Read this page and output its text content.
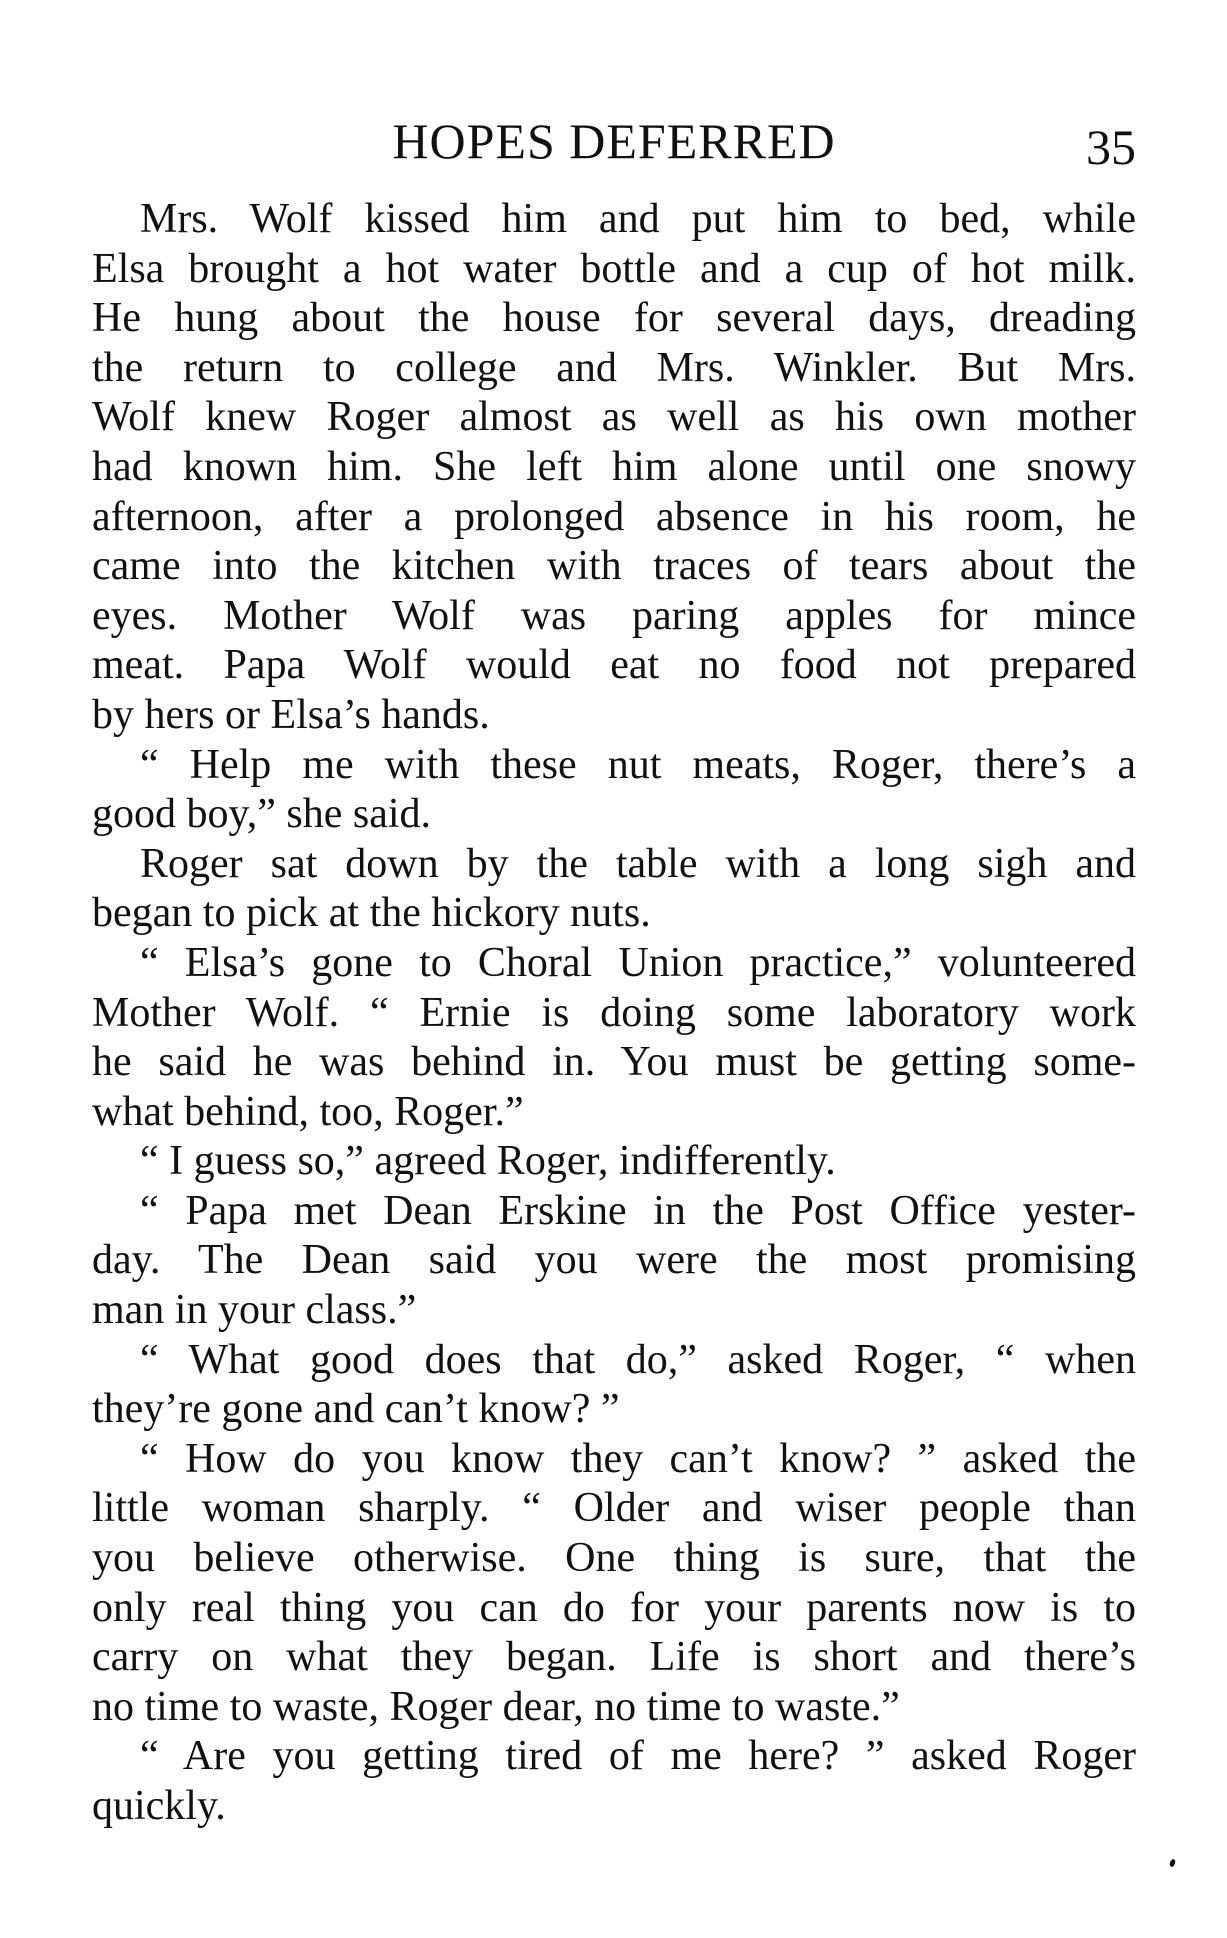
HOPES DEFERRED	35
Mrs. Wolf kissed him and put him to bed, while
Elsa brought a hot water bottle and a cup of hot milk.
He hung about the house for several days, dreading
the return to college and Mrs. Winkler. But Mrs.
Wolf knew Roger almost as well as his own mother
had known him. She left him alone until one snowy
afternoon, after a prolonged absence in his room, he
came into the kitchen with traces of tears about the
eyes. Mother Wolf was paring apples for mince
meat. Papa Wolf would eat no food not prepared
by hers or Elsa’s hands.
“ Help me with these nut meats, Roger, there’s a
good boy,” she said.
Roger sat down by the table with a long sigh and
began to pick at the hickory nuts.
“ Elsa’s gone to Choral Union practice,” volunteered
Mother Wolf. “ Ernie is doing some laboratory work
he said he was behind in. You must be getting some-
what behind, too, Roger.”
“ I guess so,” agreed Roger, indifferently.
“ Papa met Dean Erskine in the Post Office yester-
day. The Dean said you were the most promising
man in your class.”
“ What good does that do,” asked Roger, “ when
they’re gone and can’t know? ”
“ How do you know they can’t know? ” asked the
little woman sharply. “ Older and wiser people than
you believe otherwise. One thing is sure, that the
only real thing you can do for your parents now is to
carry on what they began. Life is short and there’s
no time to waste, Roger dear, no time to waste.”
“ Are you getting tired of me here? ” asked Roger
quickly.
